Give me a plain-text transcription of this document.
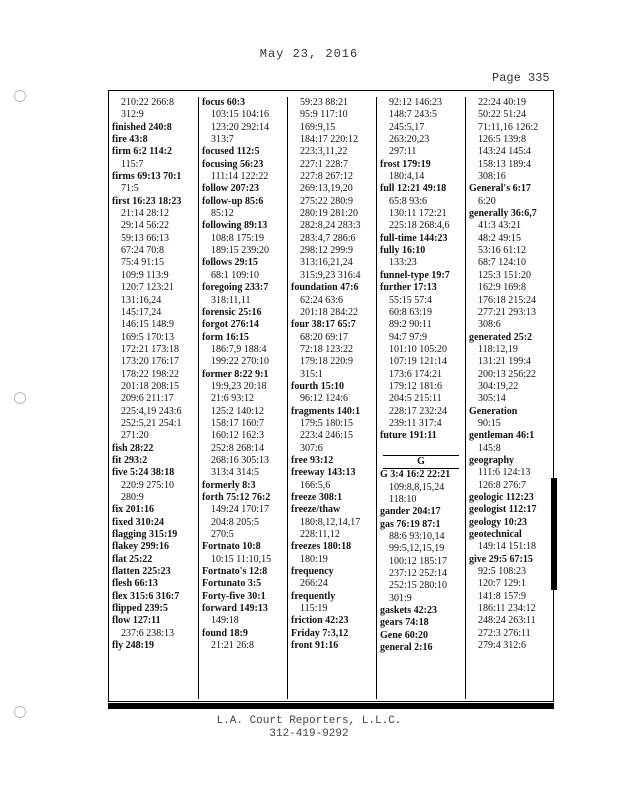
May 23, 2016
Page 335
210:22 266:8
312:9
finished 240:8
fire 43:8
firm 6:2 114:2
115:7
firms 69:13 70:1
71:5
first 16:23 18:23
21:14 28:12
29:14 56:22
59:13 66:13
67:24 70:8
75:4 91:15
109:9 113:9
120:7 123:21
131:16,24
145:17,24
146:15 148:9
169:5 170:13
172:21 173:18
173:20 176:17
178:22 198:22
201:18 208:15
209:6 211:17
225:4,19 243:6
252:5,21 254:1
271:20
fish 28:22
fit 293:2
five 5:24 38:18
220:9 275:10
280:9
fix 201:16
fixed 310:24
flagging 315:19
flakey 299:16
flat 25:22
flatten 225:23
flesh 66:13
flex 315:6 316:7
flipped 239:5
flow 127:11
237:6 238:13
fly 248:19
focus 60:3
103:15 104:16
123:20 292:14
313:7
focused 112:5
focusing 56:23
111:14 122:22
follow 207:23
follow-up 85:6
85:12
following 89:13
108:8 175:19
189:15 239:20
follows 29:15
68:1 109:10
foregoing 233:7
318:11,11
forensic 25:16
forgot 276:14
form 16:15
186:7,9 188:4
199:22 270:10
former 8:22 9:1
19:9,23 20:18
21:6 93:12
125:2 140:12
158:17 160:7
160:12 162:3
252:8 268:14
268:16 305:13
313:4 314:5
formerly 8:3
forth 75:12 76:2
149:24 170:17
204:8 205:5
270:5
Fortnato 10:8
10:15 11:10,15
Fortnato's 12:8
Fortunato 3:5
Forty-five 30:1
forward 149:13
149:18
found 18:9
21:21 26:8
59:23 88:21
95:9 117:10
169:9,15
184:17 220:12
223:3,11,22
227:1 228:7
227:8 267:12
269:13,19,20
275:22 280:9
280:19 281:20
282:8,24 283:3
283:4,7 286:6
298:12 299:9
313:16,21,24
315:9,23 316:4
foundation 47:6
62:24 63:6
201:18 284:22
four 38:17 65:7
68:20 69:17
72:18 123:22
179:18 220:9
315:1
fourth 15:10
96:12 124:6
fragments 140:1
179:5 180:15
223:4 246:15
307:6
free 93:12
freeway 143:13
166:5,6
freeze 308:1
freeze/thaw
180:8,12,14,17
228:11,12
freezes 180:18
180:19
frequency
266:24
frequently
115:19
friction 42:23
Friday 7:3,12
front 91:16
92:12 146:23
148:7 243:5
245:5,17
263:20,23
297:11
frost 179:19
180:4,14
full 12:21 49:18
65:8 93:6
130:11 172:21
225:18 268:4,6
full-time 144:23
fully 16:10
133:23
funnel-type 19:7
further 17:13
55:15 57:4
60:8 63:19
89:2 90:11
94:7 97:9
101:10 105:20
107:19 121:14
173:6 174:21
179:12 181:6
204:5 215:11
228:17 232:24
239:11 317:4
future 191:11

G
G 3:4 16:2 22:21
109:8,8,15,24
118:10
gander 204:17
gas 76:19 87:1
88:6 93:10,14
99:5,12,15,19
100:12 185:17
237:12 252:14
252:15 280:10
301:9
gaskets 42:23
gears 74:18
Gene 60:20
general 2:16
22:24 40:19
50:22 51:24
71:11,16 126:2
126:5 139:8
143:24 145:4
158:13 189:4
308:16
General's 6:17
6:20
generally 36:6,7
41:3 43:21
48:2 49:15
53:16 61:12
68:7 124:10
125:3 151:20
162:9 169:8
176:18 215:24
277:21 293:13
308:6
generated 25:2
118:12,19
131:21 199:4
200:13 256:22
304:19,22
305:14
Generation
90:15
gentleman 46:1
145:8
geography
111:6 124:13
126:8 276:7
geologic 112:23
geologist 112:17
geology 10:23
geotechnical
149:14 151:18
give 29:5 67:15
92:5 108:23
120:7 129:1
141:8 157:9
186:11 234:12
248:24 263:11
272:3 276:11
279:4 312:6
L.A. Court Reporters, L.L.C.
312-419-9292
